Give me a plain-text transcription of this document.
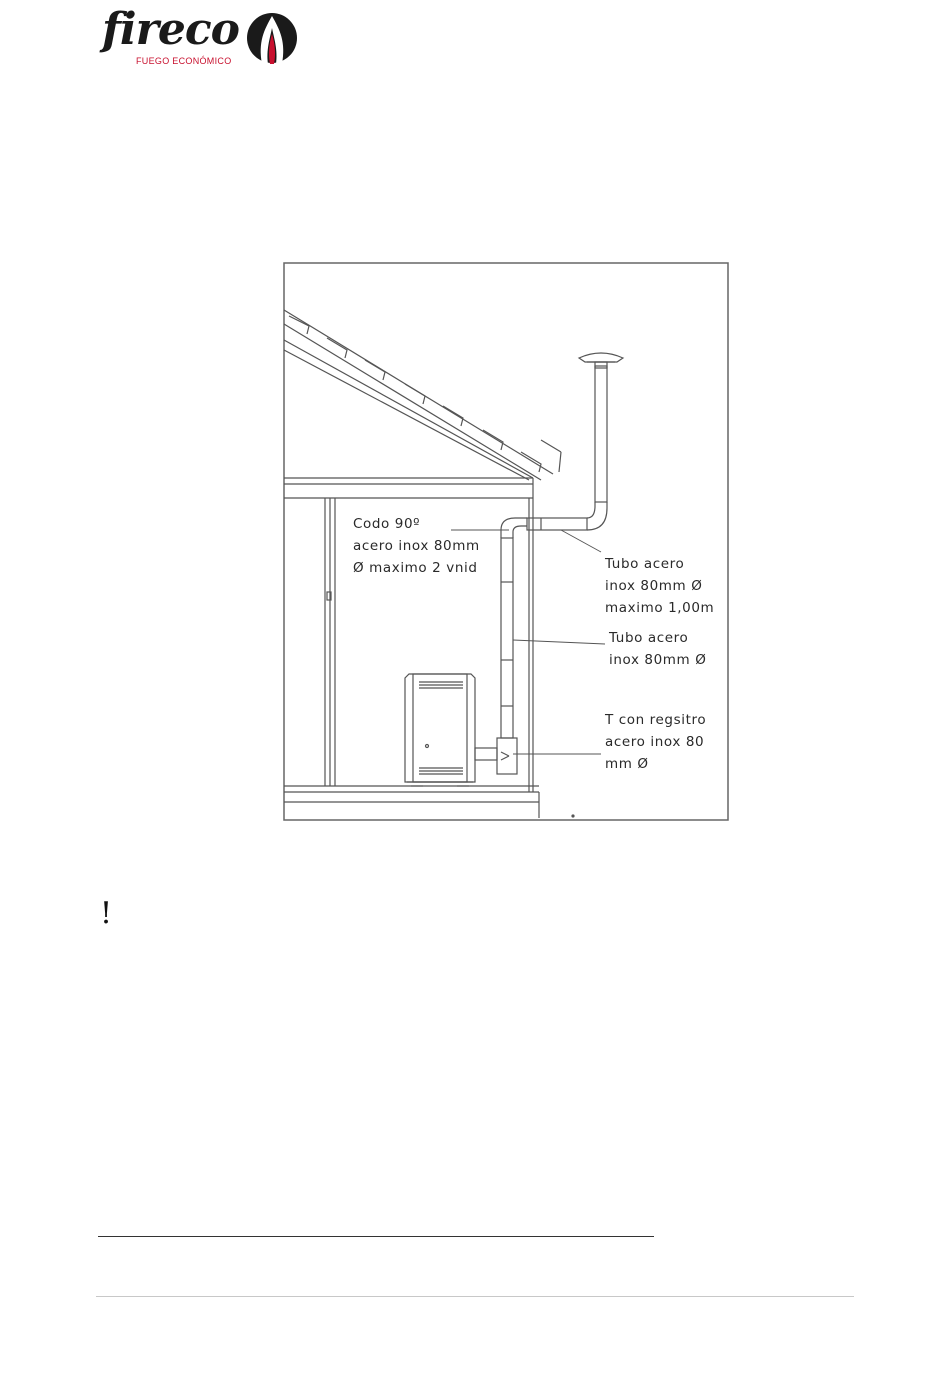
fireco
FUEGO ECONÓMICO
Codo 90º acero inox 80mm Ø maximo 2 vnid	Tubo acero inox 80mm Ø maximo 1,00m
Tubo acero inox 80mm Ø
T con regsitro acero inox 80 mm Ø
!
